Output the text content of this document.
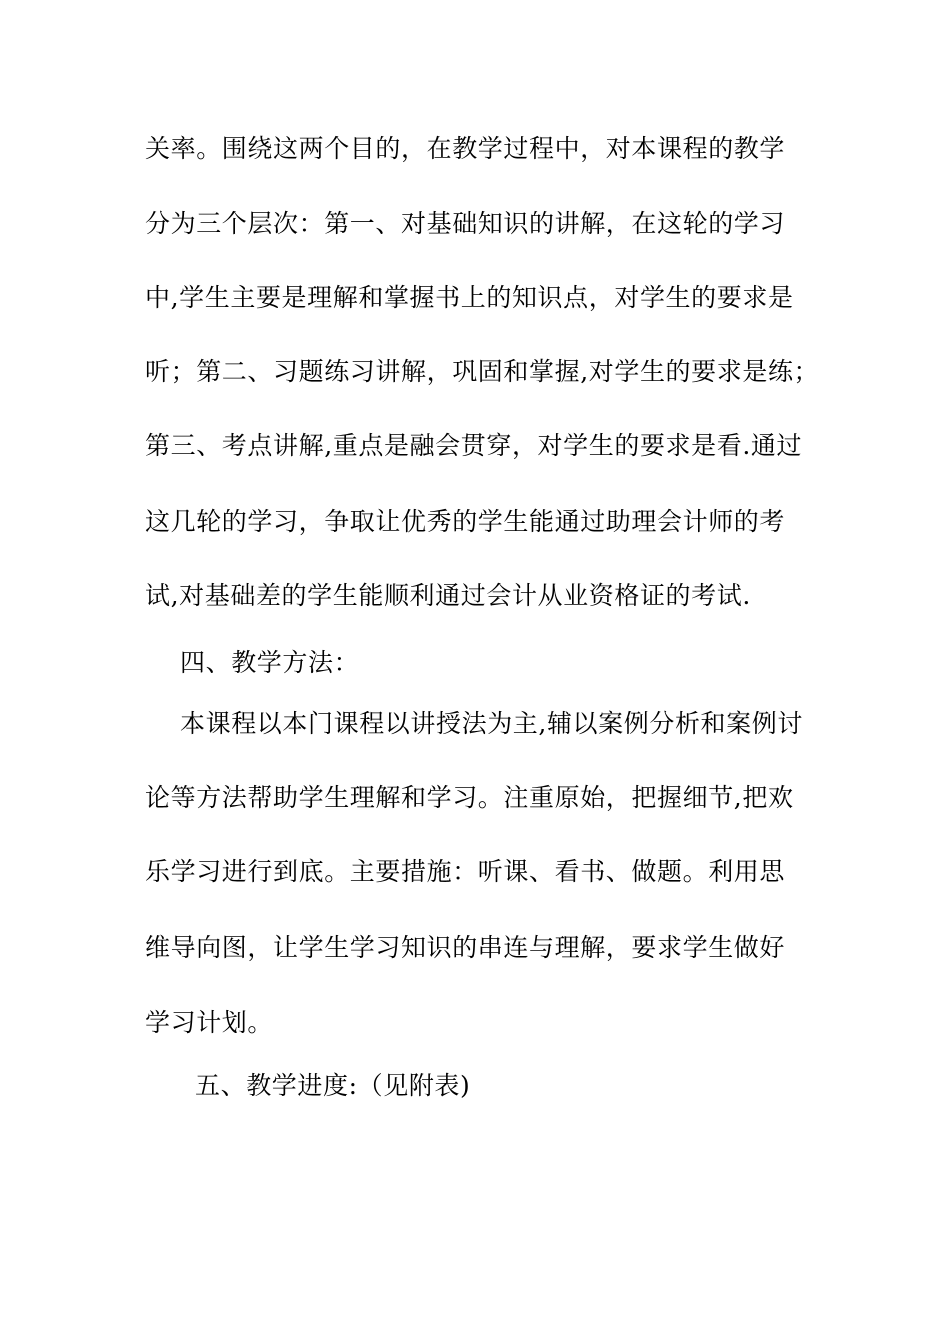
关率。围绕这两个目的，在教学过程中，对本课程的教学
分为三个层次：第一、对基础知识的讲解，在这轮的学习
中,学生主要是理解和掌握书上的知识点，对学生的要求是
听；第二、习题练习讲解，巩固和掌握,对学生的要求是练；
第三、考点讲解,重点是融会贯穿，对学生的要求是看.通过
这几轮的学习，争取让优秀的学生能通过助理会计师的考
试,对基础差的学生能顺利通过会计从业资格证的考试.
四、教学方法：
本课程以本门课程以讲授法为主,辅以案例分析和案例讨
论等方法帮助学生理解和学习。注重原始，把握细节,把欢
乐学习进行到底。主要措施：听课、看书、做题。利用思
维导向图，让学生学习知识的串连与理解，要求学生做好
学习计划。
五、教学进度:（见附表)
